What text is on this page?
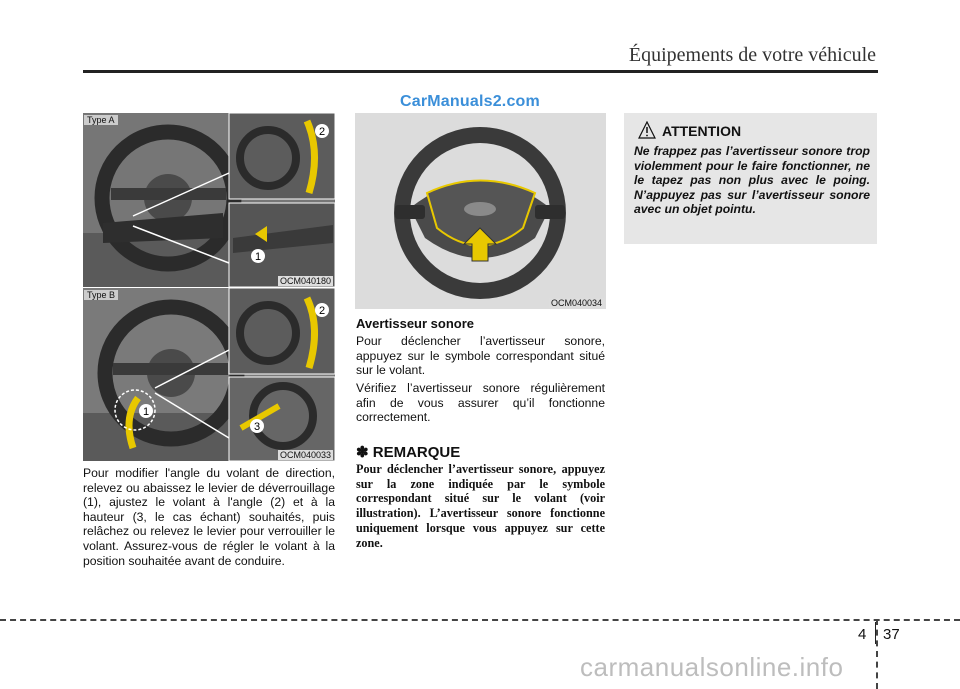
Équipements de votre véhicule
CarManuals2.com
Type A
2
1
OCM040180
Type B
2
1
3
OCM040033
Pour modifier l'angle du volant de direction, relevez ou abaissez le levier de déverrouillage (1), ajustez le volant à l'angle (2) et à la hauteur (3, le cas échant) souhaités, puis relâchez ou relevez le levier pour verrouiller le volant. Assurez-vous de régler le volant à la position souhaitée avant de conduire.
OCM040034
Avertisseur sonore
Pour déclencher l’avertisseur sonore, appuyez sur le symbole correspondant situé sur le volant.
Vérifiez l’avertisseur sonore régulièrement afin de vous assurer qu’il fonctionne correctement.
✽ REMARQUE
Pour déclencher l’avertisseur sonore, appuyez sur la zone indiquée par le symbole correspondant situé sur le volant (voir illustration). L’avertisseur sonore fonctionne uniquement lorsque vous appuyez sur cette zone.
ATTENTION
Ne frappez pas l’avertisseur sonore trop violemment pour le faire fonctionner, ne le tapez pas non plus avec le poing. N’appuyez pas sur l’avertisseur sonore avec un objet pointu.
4 37
carmanualsonline.info
